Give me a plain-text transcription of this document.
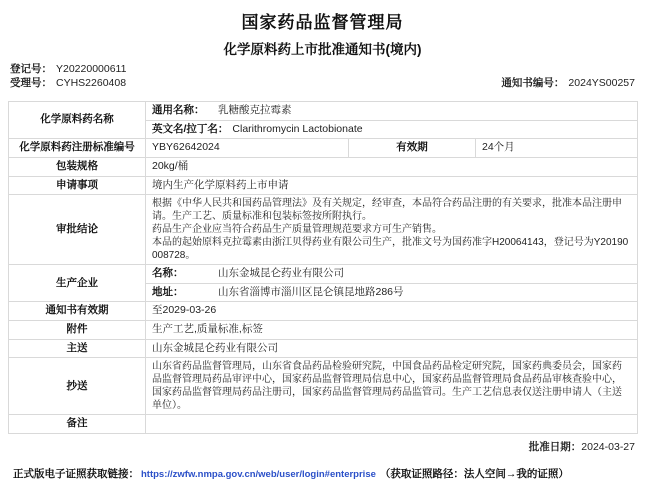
国家药品监督管理局
化学原料药上市批准通知书(境内)
登记号： Y20220000611
受理号： CYHS2260408	通知书编号： 2024YS00257
化学原料药名称	通用名称： 乳糖酸克拉霉素		
	英文名/拉丁名： Clarithromycin Lactobionate		
化学原料药注册标准编号	YBY62642024	有效期	24个月
包装规格	20kg/桶		
申请事项	境内生产化学原料药上市申请		
审批结论	根据《中华人民共和国药品管理法》及有关规定，经审查，本品符合药品注册的有关要求，批准本品注册申请。生产工艺、质量标准和包装标签按所附执行。
药品生产企业应当符合药品生产质量管理规范要求方可生产销售。
本品的起始原料克拉霉素由浙江贝得药业有限公司生产，批准文号为国药准字H20064143，登记号为Y20190008728。		

生产企业	名称： 山东金城昆仑药业有限公司		
	地址： 山东省淄博市淄川区昆仑镇昆地路286号		
通知书有效期	至2029-03-26		
附件	生产工艺,质量标准,标签		
主送	山东金城昆仑药业有限公司		
抄送	山东省药品监督管理局，山东省食品药品检验研究院，中国食品药品检定研究院，国家药典委员会，国家药品监督管理局药品审评中心，国家药品监督管理局信息中心，国家药品监督管理局食品药品审核查验中心，国家药品监督管理局药品注册司，国家药品监督管理局药品监管司。生产工艺信息表仅送注册申请人（主送单位）。		
备注			
批准日期：2024-03-27
正式版电子证照获取链接： https://zwfw.nmpa.gov.cn/web/user/login#enterprise （获取证照路径：法人空间→我的证照）
